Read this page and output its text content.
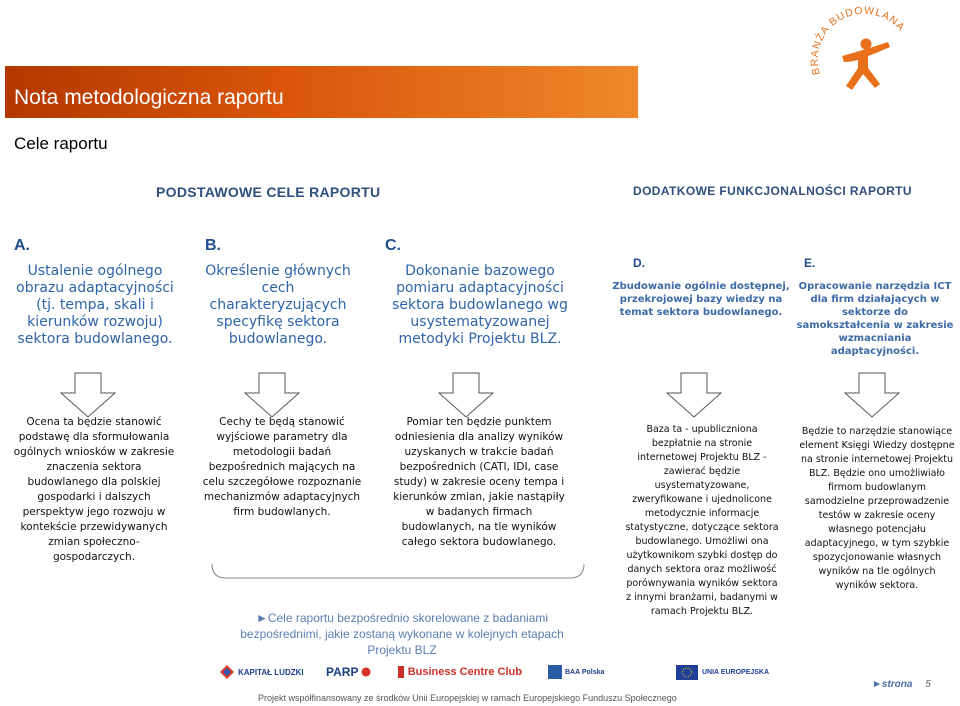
Nota metodologiczna raportu
BRANŻA BUDOWLANA
Cele raportu
PODSTAWOWE CELE RAPORTU	DODATKOWE FUNKCJONALNOŚCI RAPORTU
A.
Ustalenie ogólnego obrazu adaptacyjności (tj. tempa, skali i kierunków rozwoju) sektora budowlanego.
B.
Określenie głównych cech charakteryzujących specyfikę sektora budowlanego.
C.
Dokonanie bazowego pomiaru adaptacyjności sektora budowlanego wg usystematyzowanej metodyki Projektu BLZ.
D.
Zbudowanie ogólnie dostępnej, przekrojowej bazy wiedzy na temat sektora budowlanego.
E.
Opracowanie narzędzia ICT dla firm działających w sektorze do samokształcenia w zakresie wzmacniania adaptacyjności.
Ocena ta będzie stanowić podstawę dla sformułowania ogólnych wniosków w zakresie znaczenia sektora budowlanego dla polskiej gospodarki i dalszych perspektyw jego rozwoju w kontekście przewidywanych zmian społeczno-gospodarczych.
Cechy te będą stanowić wyjściowe parametry dla metodologii badań bezpośrednich mających na celu szczegółowe rozpoznanie mechanizmów adaptacyjnych firm budowlanych.
Pomiar ten będzie punktem odniesienia dla analizy wyników uzyskanych w trakcie badań bezpośrednich (CATI, IDI, case study) w zakresie oceny tempa i kierunków zmian, jakie nastąpiły w badanych firmach budowlanych, na tle wyników całego sektora budowlanego.
Baza ta - upubliczniona bezpłatnie na stronie internetowej Projektu BLZ - zawierać będzie usystematyzowane, zweryfikowane i ujednolicone metodycznie informacje statystyczne, dotyczące sektora budowlanego. Umożliwi ona użytkownikom szybki dostęp do danych sektora oraz możliwość porównywania wyników sektora z innymi branżami, badanymi w ramach Projektu BLZ.
Będzie to narzędzie stanowiące element Księgi Wiedzy dostępne na stronie internetowej Projektu BLZ. Będzie ono umożliwiało firmom budowlanym samodzielne przeprowadzenie testów w zakresie oceny własnego potencjału adaptacyjnego, w tym szybkie spozycjonowanie własnych wyników na tle ogólnych wyników sektora.
►Cele raportu bezpośrednio skorelowane z badaniami bezpośrednimi, jakie zostaną wykonane w kolejnych etapach Projektu BLZ
KAPITAŁ LUDZKI PARP	Business Centre Club	BAA Polska	UNIA EUROPEJSKA
►strona 5
Projekt współfinansowany ze środków Unii Europejskiej w ramach Europejskiego Funduszu Społecznego
